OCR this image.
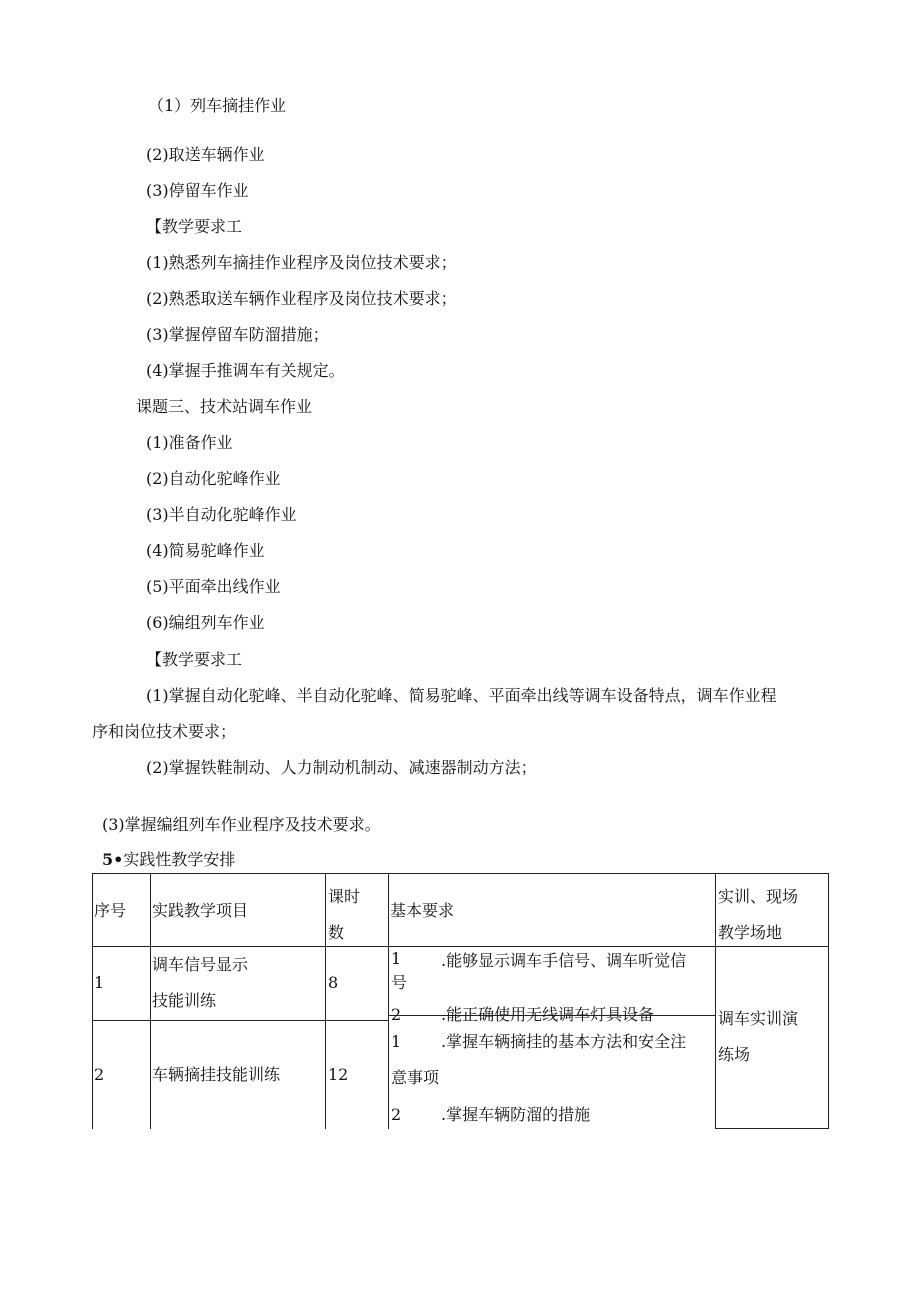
（1）列车摘挂作业
(2)取送车辆作业
(3)停留车作业
【教学要求工
(1)熟悉列车摘挂作业程序及岗位技术要求；
(2)熟悉取送车辆作业程序及岗位技术要求；
(3)掌握停留车防溜措施；
(4)掌握手推调车有关规定。
课题三、技术站调车作业
(1)准备作业
(2)自动化驼峰作业
(3)半自动化驼峰作业
(4)简易驼峰作业
(5)平面牵出线作业
(6)编组列车作业
【教学要求工
(1)掌握自动化驼峰、半自动化驼峰、简易驼峰、平面牵出线等调车设备特点，调车作业程
序和岗位技术要求；
(2)掌握铁鞋制动、人力制动机制动、减速器制动方法；
(3)掌握编组列车作业程序及技术要求。
5•实践性教学安排
序号 实践教学项目
课时
数
基本要求
实训、现场
教学场地
1
调车信号显示
技能训练
8
1 .能够显示调车手信号、调车听觉信
号
2 .能正确使用无线调车灯具设备
2	车辆摘挂技能训练	12
1 .掌握车辆摘挂的基本方法和安全注
意事项
2 .掌握车辆防溜的措施
调车实训演
练场
